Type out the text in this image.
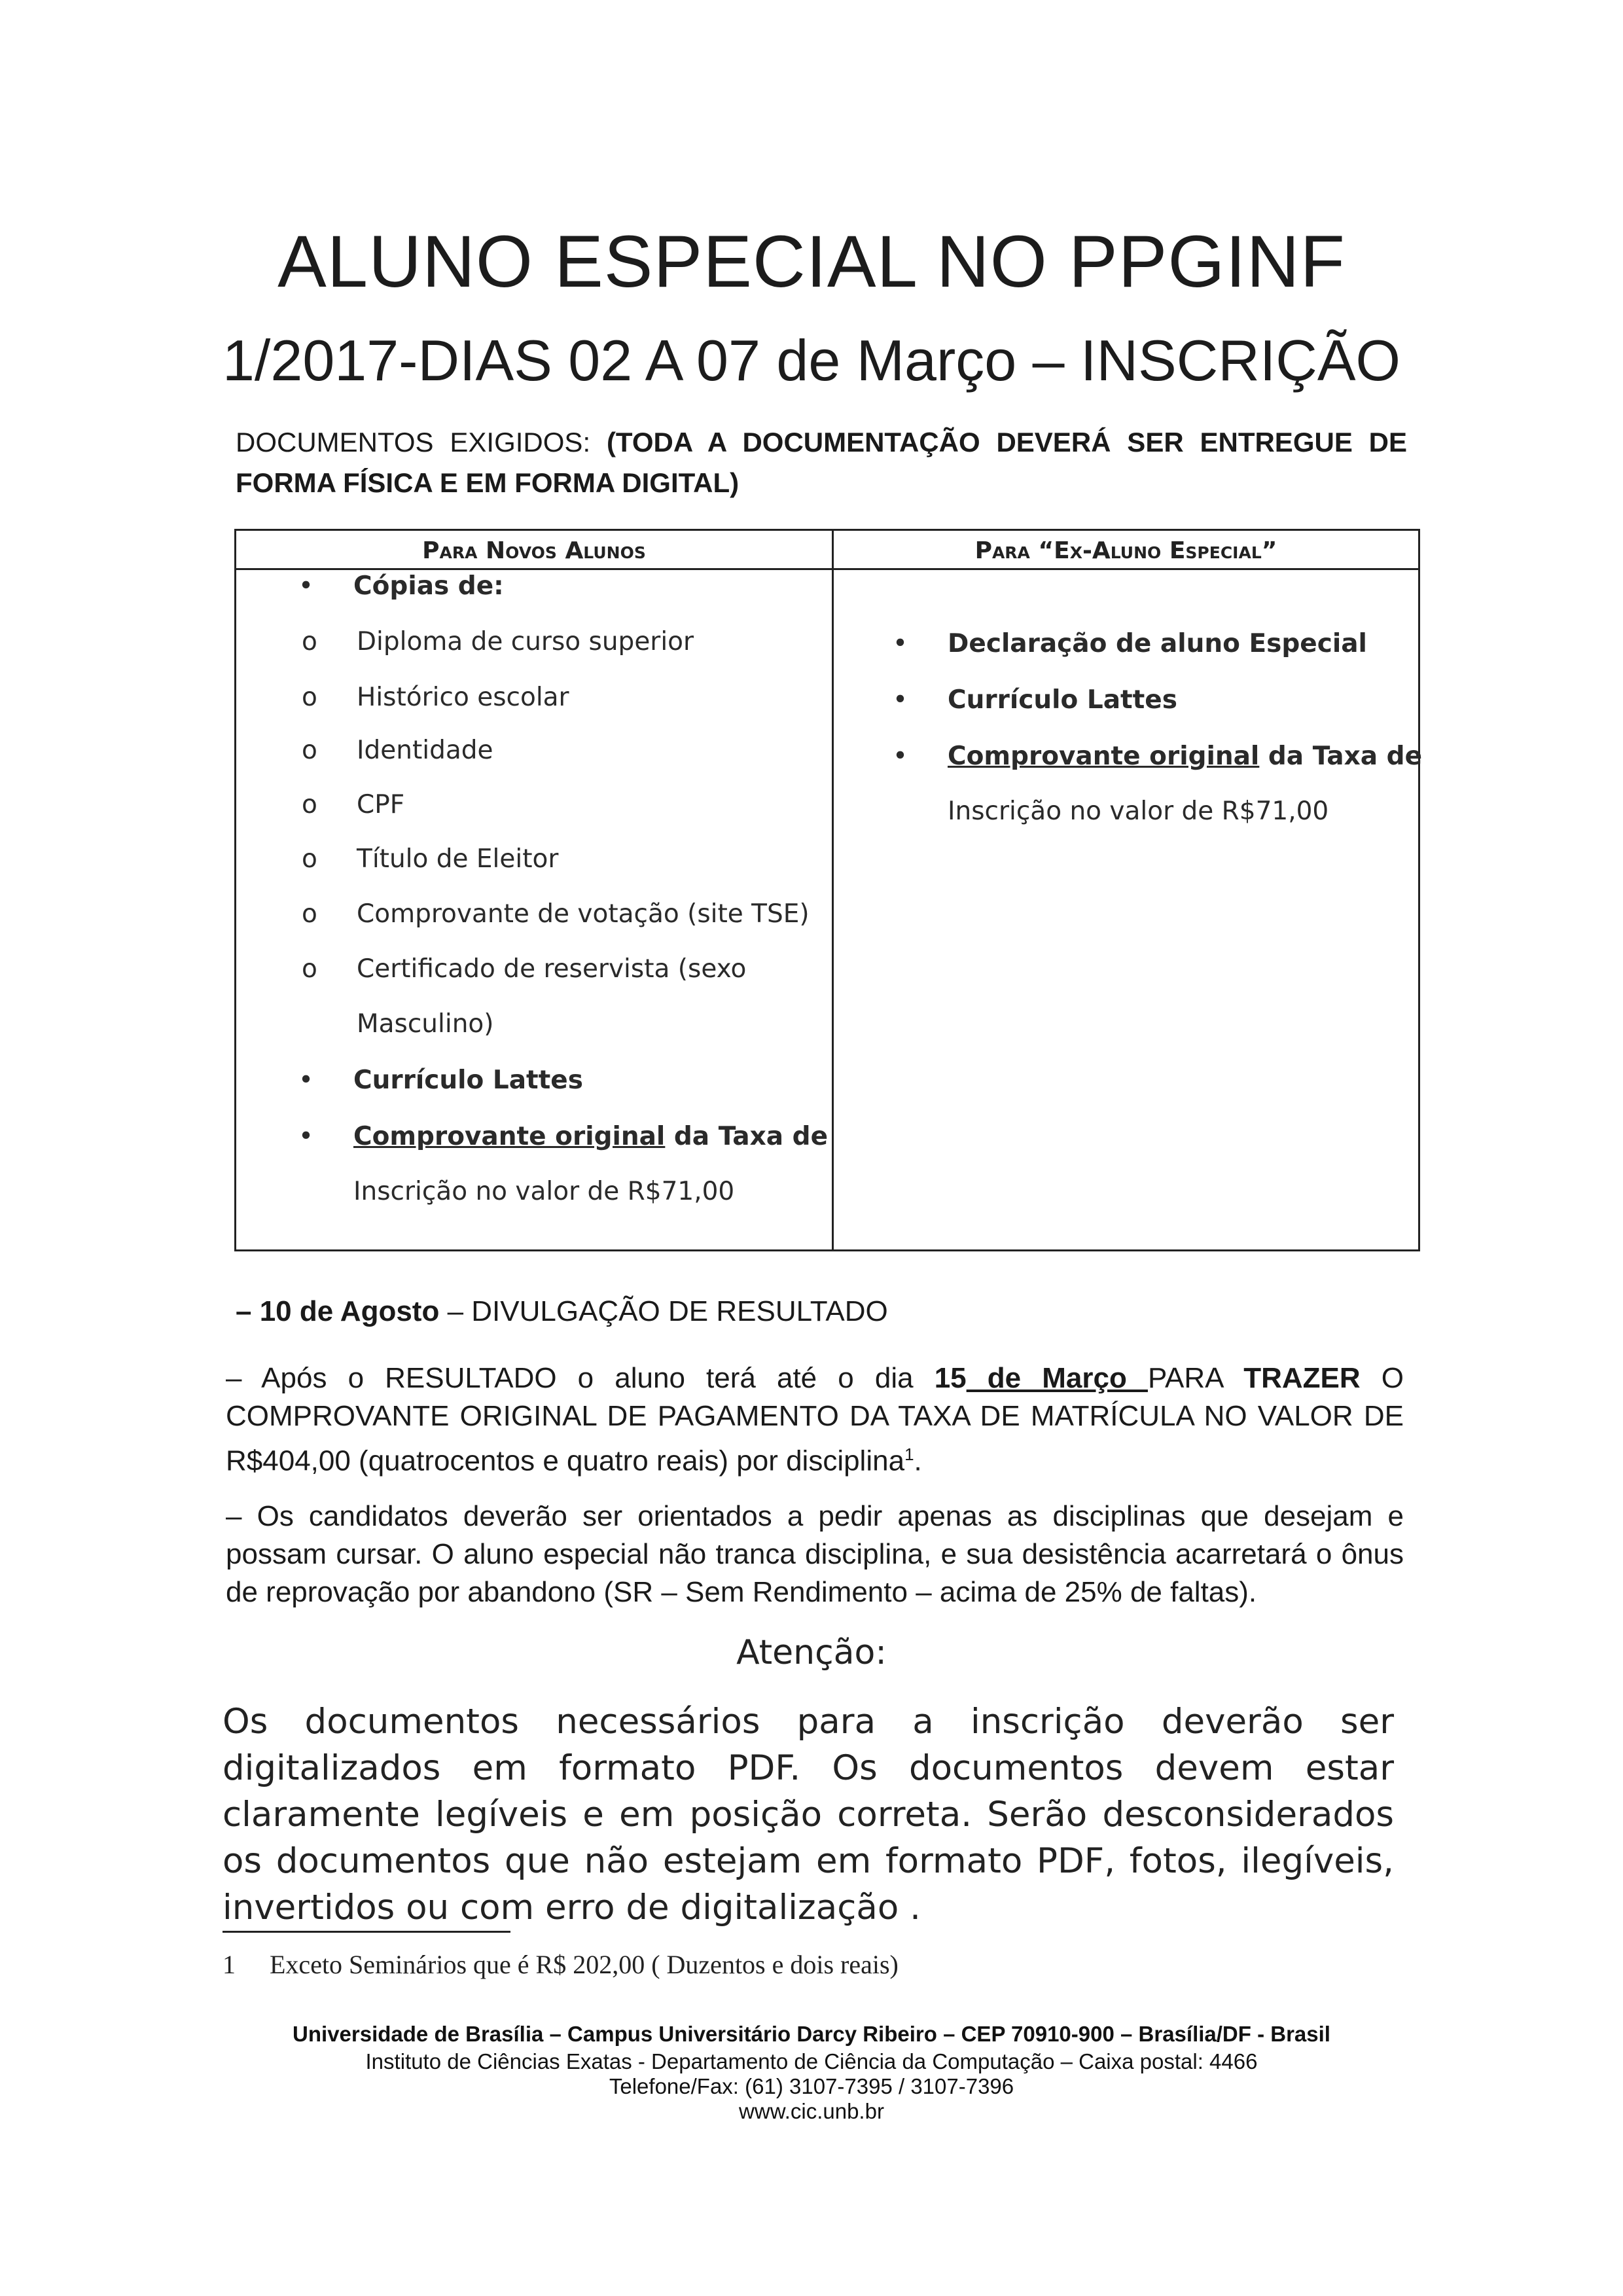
ALUNO ESPECIAL NO PPGINF
1/2017-DIAS 02 A 07 de Março – INSCRIÇÃO
DOCUMENTOS EXIGIDOS: (TODA A DOCUMENTAÇÃO DEVERÁ SER ENTREGUE DE FORMA FÍSICA E EM FORMA DIGITAL)
Para Novos Alunos	Para “Ex-Aluno Especial”
• Cópias de:
o Diploma de curso superior
o Histórico escolar
o Identidade
o CPF
o Título de Eleitor
o Comprovante de votação (site TSE)
o Certificado de reservista (sexo
Masculino)
• Currículo Lattes
• Comprovante original da Taxa de
Inscrição no valor de R$71,00
• Declaração de aluno Especial
• Currículo Lattes
• Comprovante original da Taxa de
Inscrição no valor de R$71,00
– 10 de Agosto – DIVULGAÇÃO DE RESULTADO
– Após o RESULTADO o aluno terá até o dia 15 de Março PARA TRAZER O COMPROVANTE ORIGINAL DE PAGAMENTO DA TAXA DE MATRÍCULA NO VALOR DE R$404,00 (quatrocentos e quatro reais) por disciplina$^1$.
– Os candidatos deverão ser orientados a pedir apenas as disciplinas que desejam e possam cursar. O aluno especial não tranca disciplina, e sua desistência acarretará o ônus de reprovação por abandono (SR – Sem Rendimento – acima de 25% de faltas).
Atenção:
Os documentos necessários para a inscrição deverão ser digitalizados em formato PDF. Os documentos devem estar claramente legíveis e em posição correta. Serão desconsiderados os documentos que não estejam em formato PDF, fotos, ilegíveis, invertidos ou com erro de digitalização .
1 Exceto Seminários que é R$ 202,00 ( Duzentos e dois reais)
Universidade de Brasília – Campus Universitário Darcy Ribeiro – CEP 70910-900 – Brasília/DF - Brasil
Instituto de Ciências Exatas - Departamento de Ciência da Computação – Caixa postal: 4466
Telefone/Fax: (61) 3107-7395 / 3107-7396
www.cic.unb.br
